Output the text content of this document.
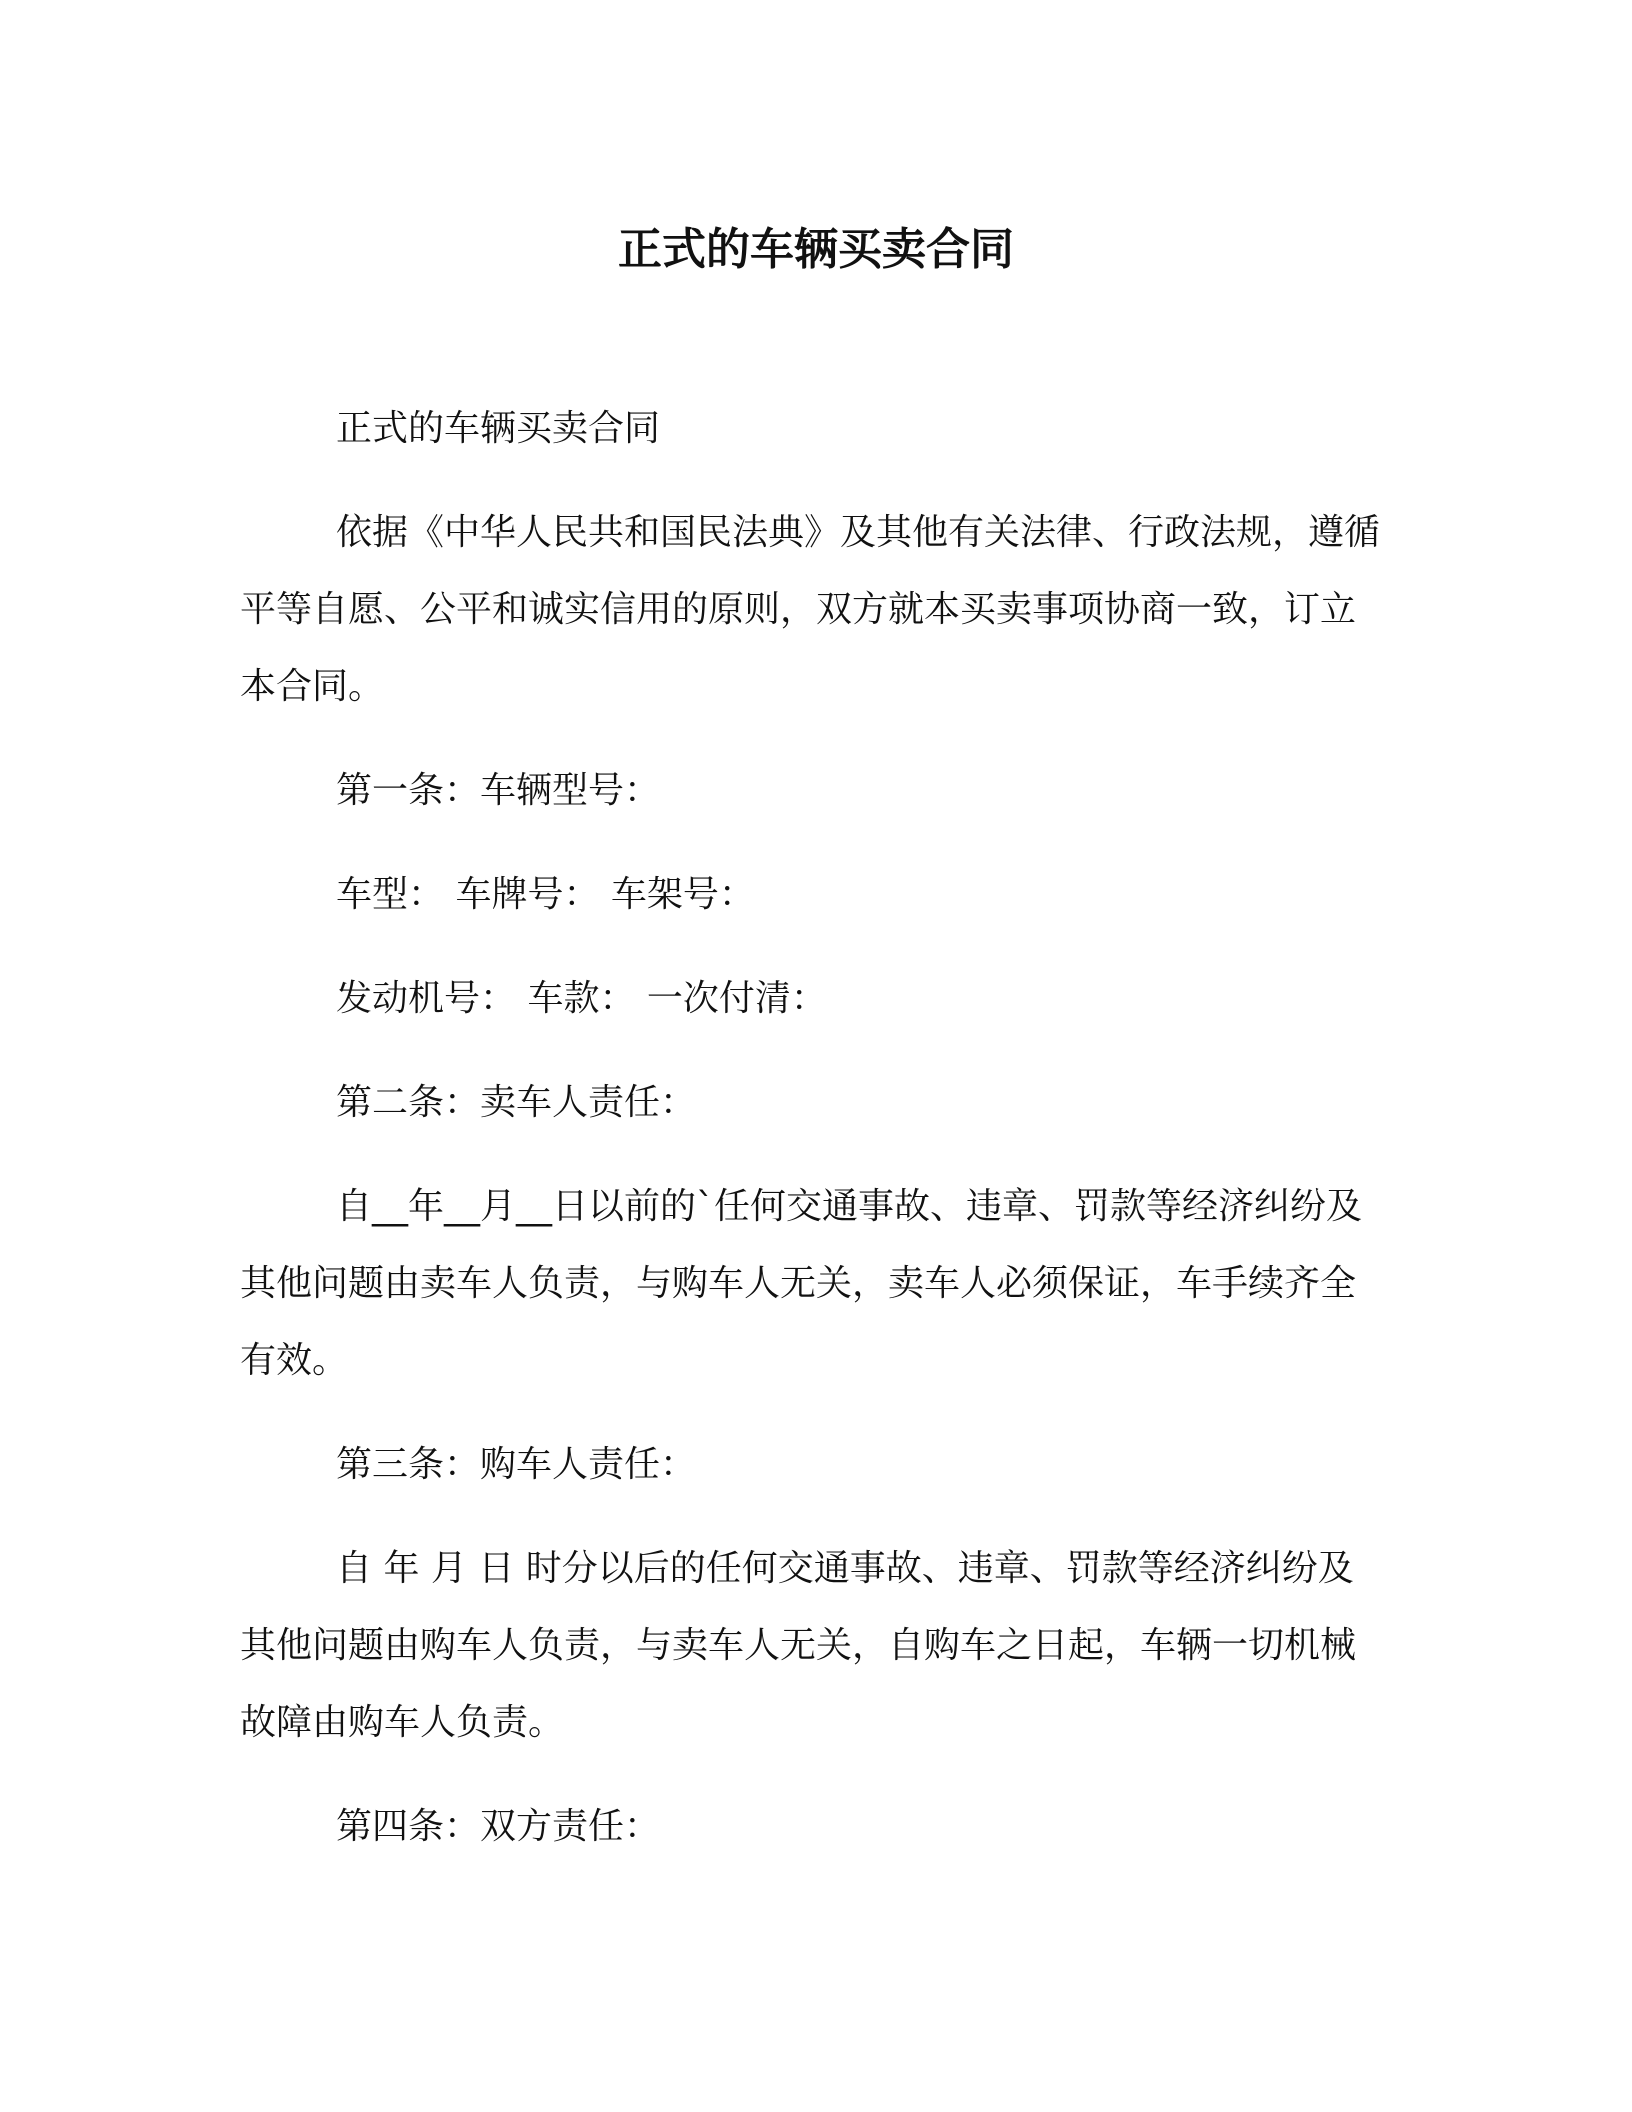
正式的车辆买卖合同

正式的车辆买卖合同

依据《中华人民共和国民法典》及其他有关法律、行政法规，遵循平等自愿、公平和诚实信用的原则，双方就本买卖事项协商一致，订立本合同。

第一条：车辆型号：

车型： 车牌号： 车架号：

发动机号： 车款： 一次付清：

第二条：卖车人责任：

自__年__月__日以前的`任何交通事故、违章、罚款等经济纠纷及其他问题由卖车人负责，与购车人无关，卖车人必须保证，车手续齐全有效。

第三条：购车人责任：

自 年 月 日 时分以后的任何交通事故、违章、罚款等经济纠纷及其他问题由购车人负责，与卖车人无关，自购车之日起，车辆一切机械故障由购车人负责。

第四条：双方责任：
